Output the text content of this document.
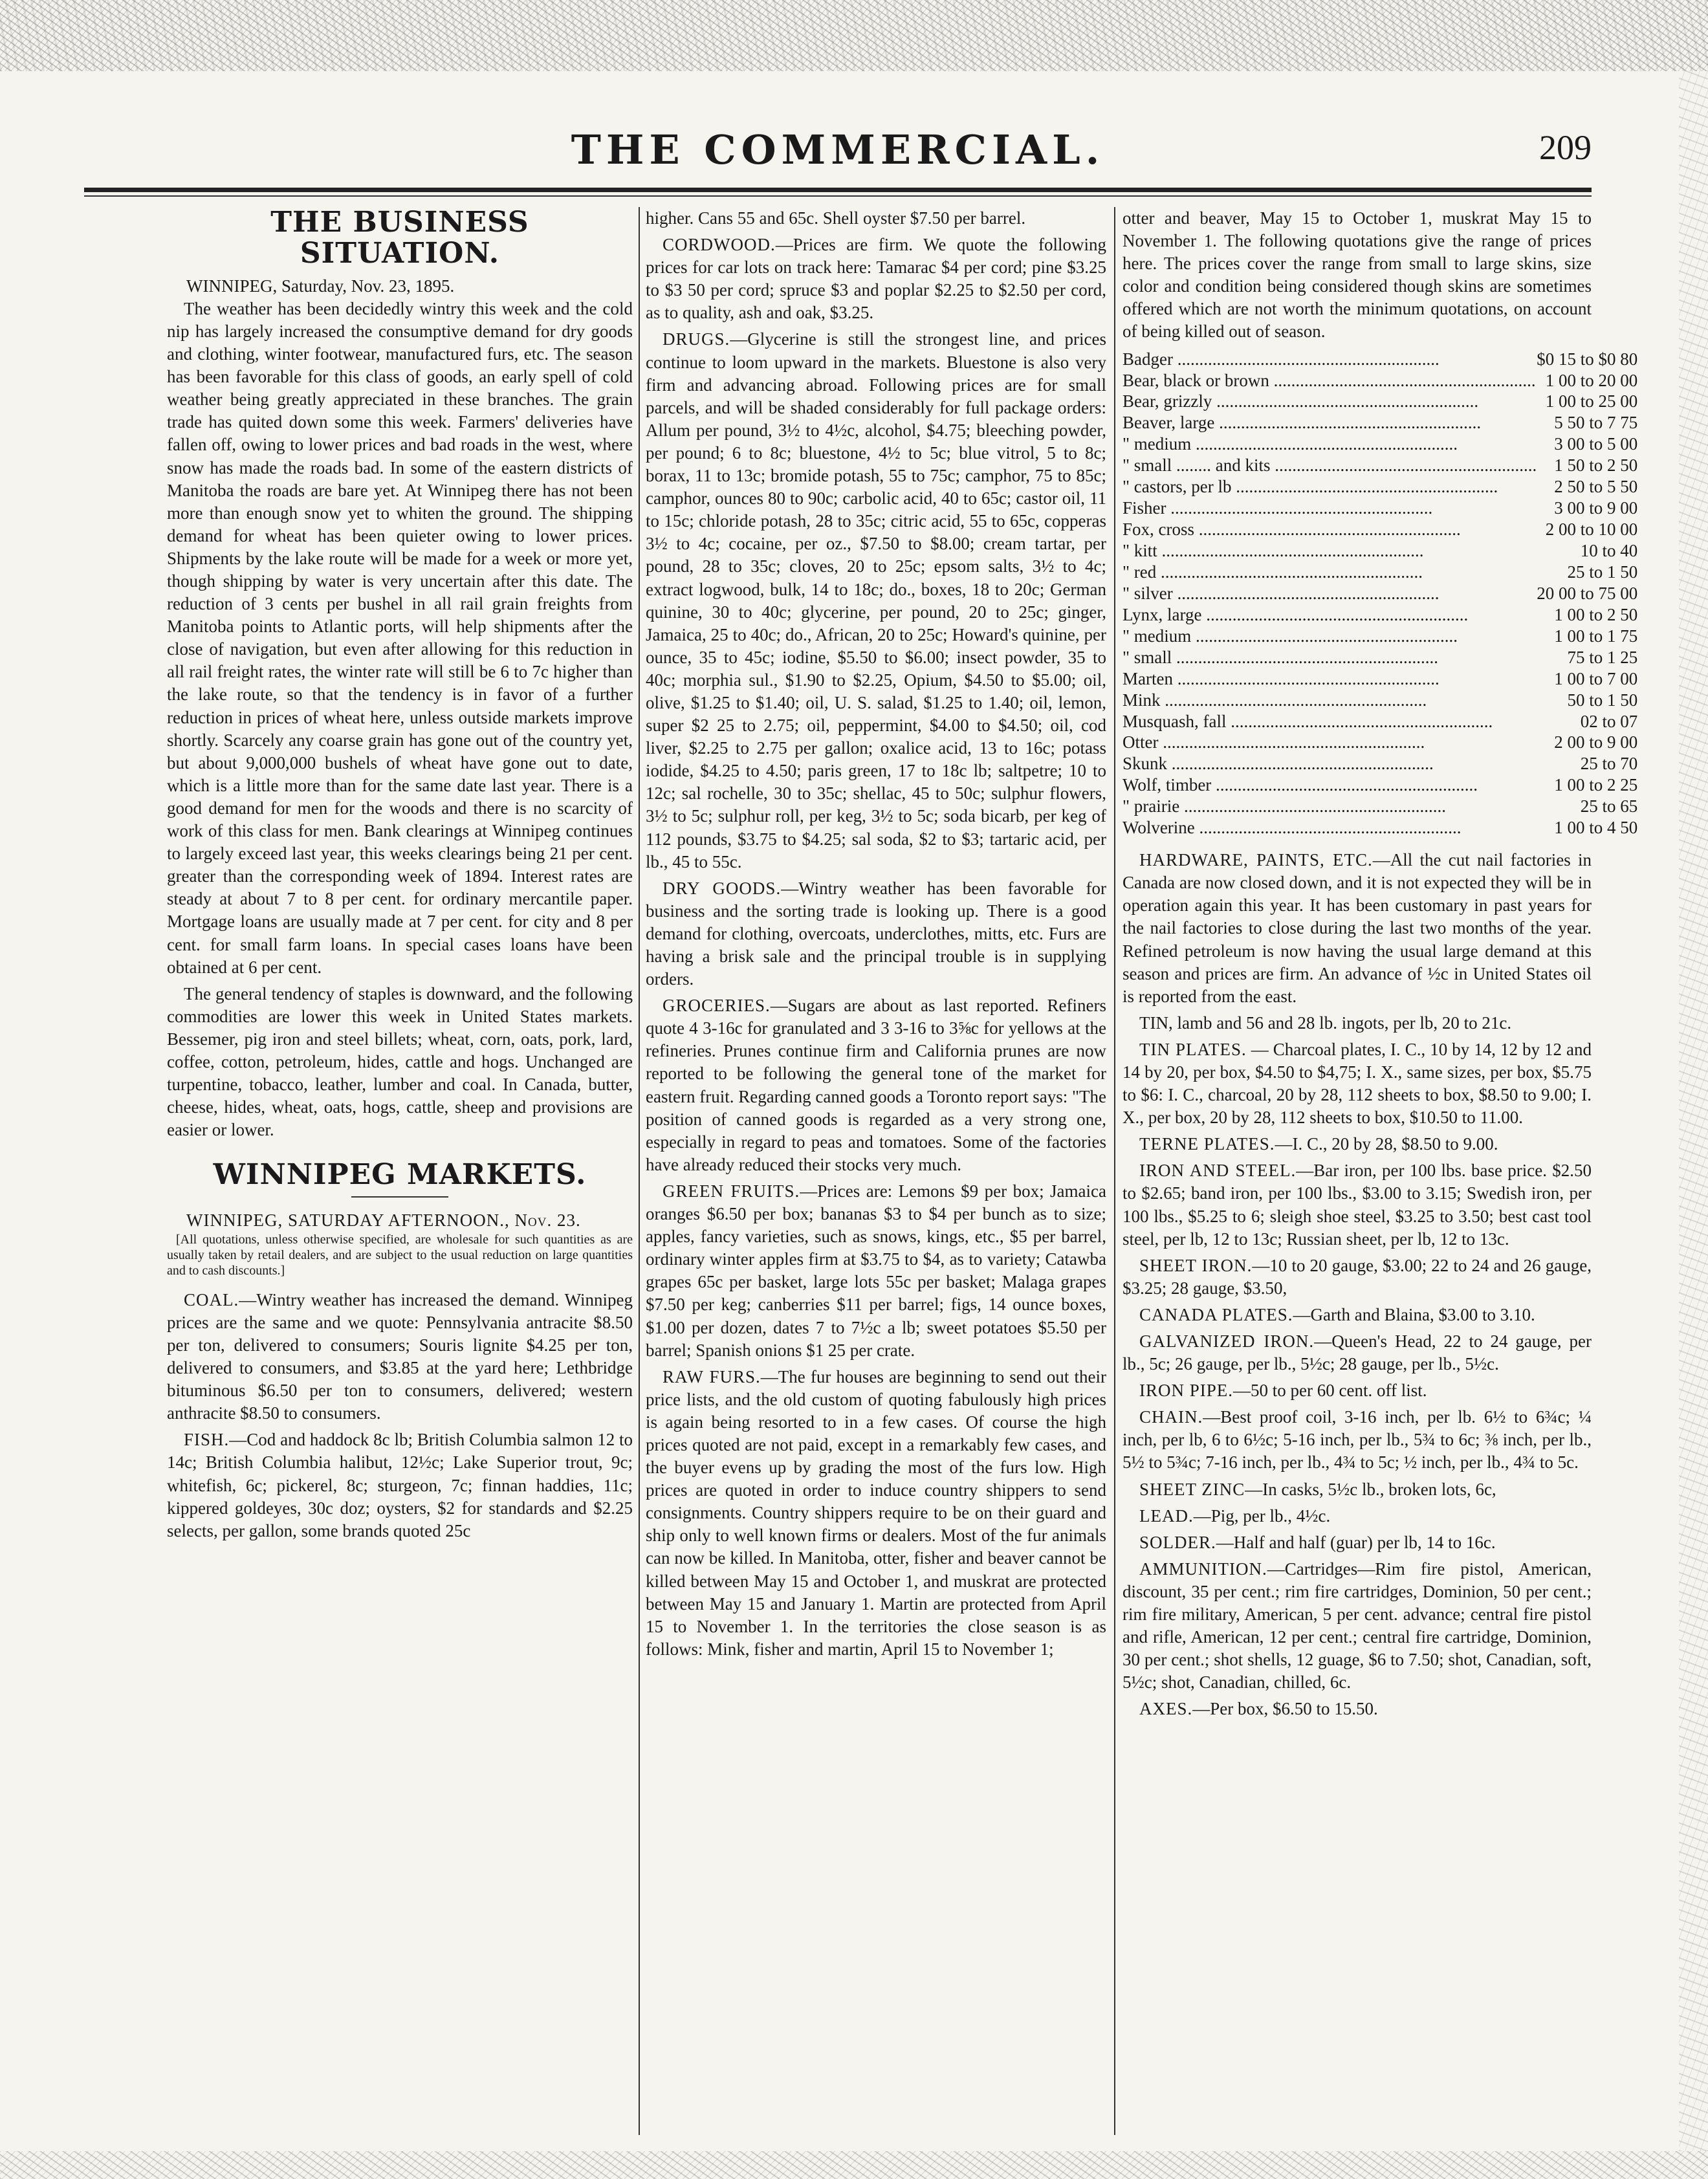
THE COMMERCIAL.	209
THE BUSINESS SITUATION.

WINNIPEG, Saturday, Nov. 23, 1895.

The weather has been decidedly wintry this week and the cold nip has largely increased the consumptive demand for dry goods and clothing, winter footwear, manufactured furs, etc. The season has been favorable for this class of goods, an early spell of cold weather being greatly appreciated in these branches. The grain trade has quited down some this week. Farmers' deliveries have fallen off, owing to lower prices and bad roads in the west, where snow has made the roads bad. In some of the eastern districts of Manitoba the roads are bare yet. At Winnipeg there has not been more than enough snow yet to whiten the ground. The shipping demand for wheat has been quieter owing to lower prices. Shipments by the lake route will be made for a week or more yet, though shipping by water is very uncertain after this date. The reduction of 3 cents per bushel in all rail grain freights from Manitoba points to Atlantic ports, will help shipments after the close of navigation, but even after allowing for this reduction in all rail freight rates, the winter rate will still be 6 to 7c higher than the lake route, so that the tendency is in favor of a further reduction in prices of wheat here, unless outside markets improve shortly. Scarcely any coarse grain has gone out of the country yet, but about 9,000,000 bushels of wheat have gone out to date, which is a little more than for the same date last year. There is a good demand for men for the woods and there is no scarcity of work of this class for men. Bank clearings at Winnipeg continues to largely exceed last year, this weeks clearings being 21 per cent. greater than the corresponding week of 1894. Interest rates are steady at about 7 to 8 per cent. for ordinary mercantile paper. Mortgage loans are usually made at 7 per cent. for city and 8 per cent. for small farm loans. In special cases loans have been obtained at 6 per cent.

The general tendency of staples is downward, and the following commodities are lower this week in United States markets. Bessemer, pig iron and steel billets; wheat, corn, oats, pork, lard, coffee, cotton, petroleum, hides, cattle and hogs. Unchanged are turpentine, tobacco, leather, lumber and coal. In Canada, butter, cheese, hides, wheat, oats, hogs, cattle, sheep and provisions are easier or lower.

WINNIPEG MARKETS.

WINNIPEG, SATURDAY AFTERNOON., Nov. 23.

[All quotations, unless otherwise specified, are wholesale for such quantities as are usually taken by retail dealers, and are subject to the usual reduction on large quantities and to cash discounts.]

COAL.—Wintry weather has increased the demand. Winnipeg prices are the same and we quote: Pennsylvania antracite $8.50 per ton, delivered to consumers; Souris lignite $4.25 per ton, delivered to consumers, and $3.85 at the yard here; Lethbridge bituminous $6.50 per ton to consumers, delivered; western anthracite $8.50 to consumers.

FISH.—Cod and haddock 8c lb; British Columbia salmon 12 to 14c; British Columbia halibut, 12½c; Lake Superior trout, 9c; whitefish, 6c; pickerel, 8c; sturgeon, 7c; finnan haddies, 11c; kippered goldeyes, 30c doz; oysters, $2 for standards and $2.25 selects, per gallon, some brands quoted 25c

higher. Cans 55 and 65c. Shell oyster $7.50 per barrel.

CORDWOOD.—Prices are firm. We quote the following prices for car lots on track here: Tamarac $4 per cord; pine $3.25 to $3 50 per cord; spruce $3 and poplar $2.25 to $2.50 per cord, as to quality, ash and oak, $3.25.

DRUGS.—Glycerine is still the strongest line, and prices continue to loom upward in the markets. Bluestone is also very firm and advancing abroad. Following prices are for small parcels, and will be shaded considerably for full package orders: Allum per pound, 3½ to 4½c, alcohol, $4.75; bleeching powder, per pound; 6 to 8c; bluestone, 4½ to 5c; blue vitrol, 5 to 8c; borax, 11 to 13c; bromide potash, 55 to 75c; camphor, 75 to 85c; camphor, ounces 80 to 90c; carbolic acid, 40 to 65c; castor oil, 11 to 15c; chloride potash, 28 to 35c; citric acid, 55 to 65c, copperas 3½ to 4c; cocaine, per oz., $7.50 to $8.00; cream tartar, per pound, 28 to 35c; cloves, 20 to 25c; epsom salts, 3½ to 4c; extract logwood, bulk, 14 to 18c; do., boxes, 18 to 20c; German quinine, 30 to 40c; glycerine, per pound, 20 to 25c; ginger, Jamaica, 25 to 40c; do., African, 20 to 25c; Howard's quinine, per ounce, 35 to 45c; iodine, $5.50 to $6.00; insect powder, 35 to 40c; morphia sul., $1.90 to $2.25, Opium, $4.50 to $5.00; oil, olive, $1.25 to $1.40; oil, U. S. salad, $1.25 to 1.40; oil, lemon, super $2 25 to 2.75; oil, peppermint, $4.00 to $4.50; oil, cod liver, $2.25 to 2.75 per gallon; oxalice acid, 13 to 16c; potass iodide, $4.25 to 4.50; paris green, 17 to 18c lb; saltpetre; 10 to 12c; sal rochelle, 30 to 35c; shellac, 45 to 50c; sulphur flowers, 3½ to 5c; sulphur roll, per keg, 3½ to 5c; soda bicarb, per keg of 112 pounds, $3.75 to $4.25; sal soda, $2 to $3; tartaric acid, per lb., 45 to 55c.

DRY GOODS.—Wintry weather has been favorable for business and the sorting trade is looking up. There is a good demand for clothing, overcoats, underclothes, mitts, etc. Furs are having a brisk sale and the principal trouble is in supplying orders.

GROCERIES.—Sugars are about as last reported. Refiners quote 4 3-16c for granulated and 3 3-16 to 3⅝c for yellows at the refineries. Prunes continue firm and California prunes are now reported to be following the general tone of the market for eastern fruit. Regarding canned goods a Toronto report says: "The position of canned goods is regarded as a very strong one, especially in regard to peas and tomatoes. Some of the factories have already reduced their stocks very much.

GREEN FRUITS.—Prices are: Lemons $9 per box; Jamaica oranges $6.50 per box; bananas $3 to $4 per bunch as to size; apples, fancy varieties, such as snows, kings, etc., $5 per barrel, ordinary winter apples firm at $3.75 to $4, as to variety; Catawba grapes 65c per basket, large lots 55c per basket; Malaga grapes $7.50 per keg; canberries $11 per barrel; figs, 14 ounce boxes, $1.00 per dozen, dates 7 to 7½c a lb; sweet potatoes $5.50 per barrel; Spanish onions $1 25 per crate.

RAW FURS.—The fur houses are beginning to send out their price lists, and the old custom of quoting fabulously high prices is again being resorted to in a few cases. Of course the high prices quoted are not paid, except in a remarkably few cases, and the buyer evens up by grading the most of the furs low. High prices are quoted in order to induce country shippers to send consignments. Country shippers require to be on their guard and ship only to well known firms or dealers. Most of the fur animals can now be killed. In Manitoba, otter, fisher and beaver cannot be killed between May 15 and October 1, and muskrat are protected between May 15 and January 1. Martin are protected from April 15 to November 1. In the territories the close season is as follows: Mink, fisher and martin, April 15 to November 1;

otter and beaver, May 15 to October 1, muskrat May 15 to November 1. The following quotations give the range of prices here. The prices cover the range from small to large skins, size color and condition being considered though skins are sometimes offered which are not worth the minimum quotations, on account of being killed out of season.

Badger ............................................................	$0 15 to $0 80
Bear, black or brown ............................................................	1 00 to 20 00
Bear, grizzly ............................................................	1 00 to 25 00
Beaver, large ............................................................	5 50 to 7 75
" medium ............................................................	3 00 to 5 00
" small ........ and kits ............................................................	1 50 to 2 50
" castors, per lb ............................................................	2 50 to 5 50
Fisher ............................................................	3 00 to 9 00
Fox, cross ............................................................	2 00 to 10 00
" kitt ............................................................	10 to 40
" red ............................................................	25 to 1 50
" silver ............................................................	20 00 to 75 00
Lynx, large ............................................................	1 00 to 2 50
" medium ............................................................	1 00 to 1 75
" small ............................................................	75 to 1 25
Marten ............................................................	1 00 to 7 00
Mink ............................................................	50 to 1 50
Musquash, fall ............................................................	02 to 07
Otter ............................................................	2 00 to 9 00
Skunk ............................................................	25 to 70
Wolf, timber ............................................................	1 00 to 2 25
" prairie ............................................................	25 to 65
Wolverine ............................................................	1 00 to 4 50

HARDWARE, PAINTS, ETC.—All the cut nail factories in Canada are now closed down, and it is not expected they will be in operation again this year. It has been customary in past years for the nail factories to close during the last two months of the year. Refined petroleum is now having the usual large demand at this season and prices are firm. An advance of ½c in United States oil is reported from the east.

TIN, lamb and 56 and 28 lb. ingots, per lb, 20 to 21c.

TIN PLATES. — Charcoal plates, I. C., 10 by 14, 12 by 12 and 14 by 20, per box, $4.50 to $4,75; I. X., same sizes, per box, $5.75 to $6: I. C., charcoal, 20 by 28, 112 sheets to box, $8.50 to 9.00; I. X., per box, 20 by 28, 112 sheets to box, $10.50 to 11.00.

TERNE PLATES.—I. C., 20 by 28, $8.50 to 9.00.

IRON AND STEEL.—Bar iron, per 100 lbs. base price. $2.50 to $2.65; band iron, per 100 lbs., $3.00 to 3.15; Swedish iron, per 100 lbs., $5.25 to 6; sleigh shoe steel, $3.25 to 3.50; best cast tool steel, per lb, 12 to 13c; Russian sheet, per lb, 12 to 13c.

SHEET IRON.—10 to 20 gauge, $3.00; 22 to 24 and 26 gauge, $3.25; 28 gauge, $3.50,

CANADA PLATES.—Garth and Blaina, $3.00 to 3.10.

GALVANIZED IRON.—Queen's Head, 22 to 24 gauge, per lb., 5c; 26 gauge, per lb., 5½c; 28 gauge, per lb., 5½c.

IRON PIPE.—50 to per 60 cent. off list.

CHAIN.—Best proof coil, 3-16 inch, per lb. 6½ to 6¾c; ¼ inch, per lb, 6 to 6½c; 5-16 inch, per lb., 5¾ to 6c; ⅜ inch, per lb., 5½ to 5¾c; 7-16 inch, per lb., 4¾ to 5c; ½ inch, per lb., 4¾ to 5c.

SHEET ZINC—In casks, 5½c lb., broken lots, 6c,

LEAD.—Pig, per lb., 4½c.

SOLDER.—Half and half (guar) per lb, 14 to 16c.

AMMUNITION.—Cartridges—Rim fire pistol, American, discount, 35 per cent.; rim fire cartridges, Dominion, 50 per cent.; rim fire military, American, 5 per cent. advance; central fire pistol and rifle, American, 12 per cent.; central fire cartridge, Dominion, 30 per cent.; shot shells, 12 guage, $6 to 7.50; shot, Canadian, soft, 5½c; shot, Canadian, chilled, 6c.

AXES.—Per box, $6.50 to 15.50.
